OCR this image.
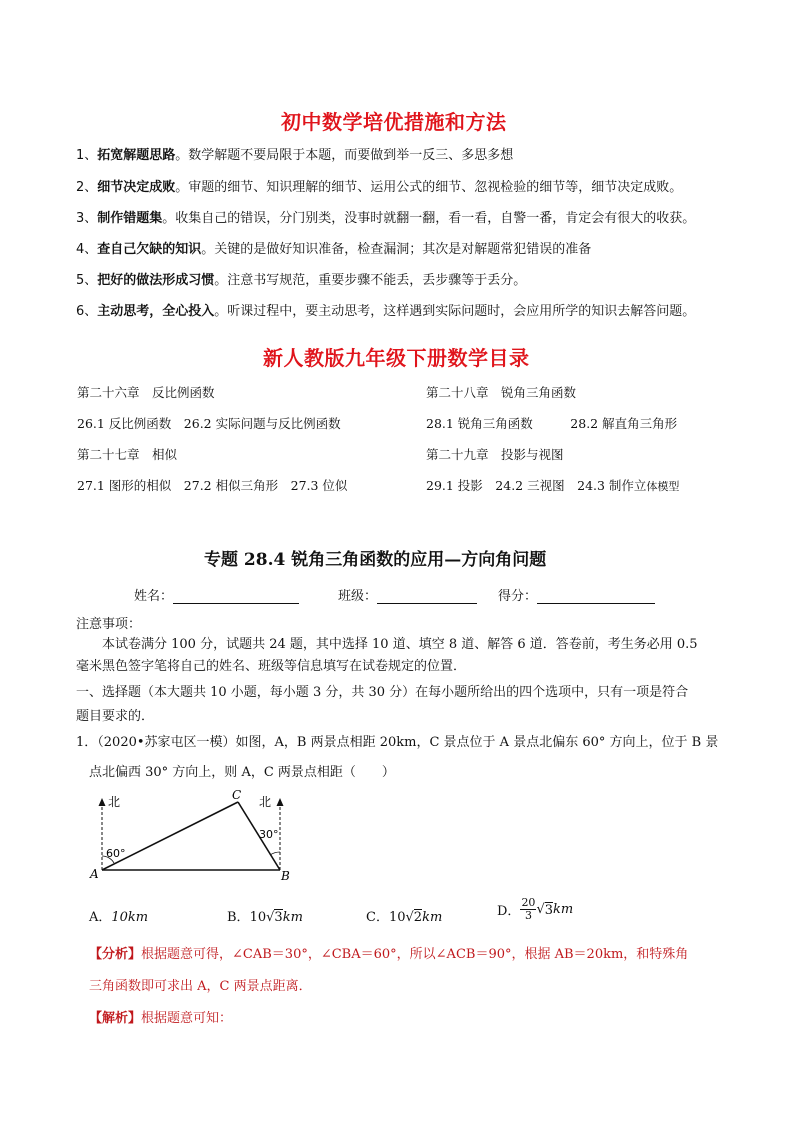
初中数学培优措施和方法
1、拓宽解题思路。数学解题不要局限于本题，而要做到举一反三、多思多想
2、细节决定成败。审题的细节、知识理解的细节、运用公式的细节、忽视检验的细节等，细节决定成败。
3、制作错题集。收集自己的错误，分门别类，没事时就翻一翻，看一看，自警一番，肯定会有很大的收获。
4、查自己欠缺的知识。关键的是做好知识准备，检查漏洞；其次是对解题常犯错误的准备
5、把好的做法形成习惯。注意书写规范，重要步骤不能丢，丢步骤等于丢分。
6、主动思考，全心投入。听课过程中，要主动思考，这样遇到实际问题时，会应用所学的知识去解答问题。
新人教版九年级下册数学目录
第二十六章　反比例函数
26.1 反比例函数　26.2 实际问题与反比例函数
第二十七章　相似
27.1 图形的相似　27.2 相似三角形　27.3 位似
第二十八章　锐角三角函数
28.1 锐角三角函数　　　28.2 解直角三角形
第二十九章　投影与视图
29.1 投影　24.2 三视图　24.3 制作立体模型
专题 28.4 锐角三角函数的应用—方向角问题
姓名：	班级：	得分：
注意事项：
本试卷满分 100 分，试题共 24 题，其中选择 10 道、填空 8 道、解答 6 道．答卷前，考生务必用 0.5
毫米黑色签字笔将自己的姓名、班级等信息填写在试卷规定的位置．
一、选择题（本大题共 10 小题，每小题 3 分，共 30 分）在每小题所给出的四个选项中，只有一项是符合
题目要求的．
1．（2020•苏家屯区一模）如图，A，B 两景点相距 20km，C 景点位于 A 景点北偏东 60° 方向上，位于 B 景
点北偏西 30° 方向上，则 A，C 两景点相距（　　）
北	北
C
A	B
60°
30°
A．10km	B．10√3km	C．10√2km	D． $\frac{20}{3} √3km$
【分析】根据题意可得，∠CAB＝30°，∠CBA＝60°，所以∠ACB＝90°，根据 AB＝20km，和特殊角
三角函数即可求出 A，C 两景点距离．
【解析】根据题意可知：
